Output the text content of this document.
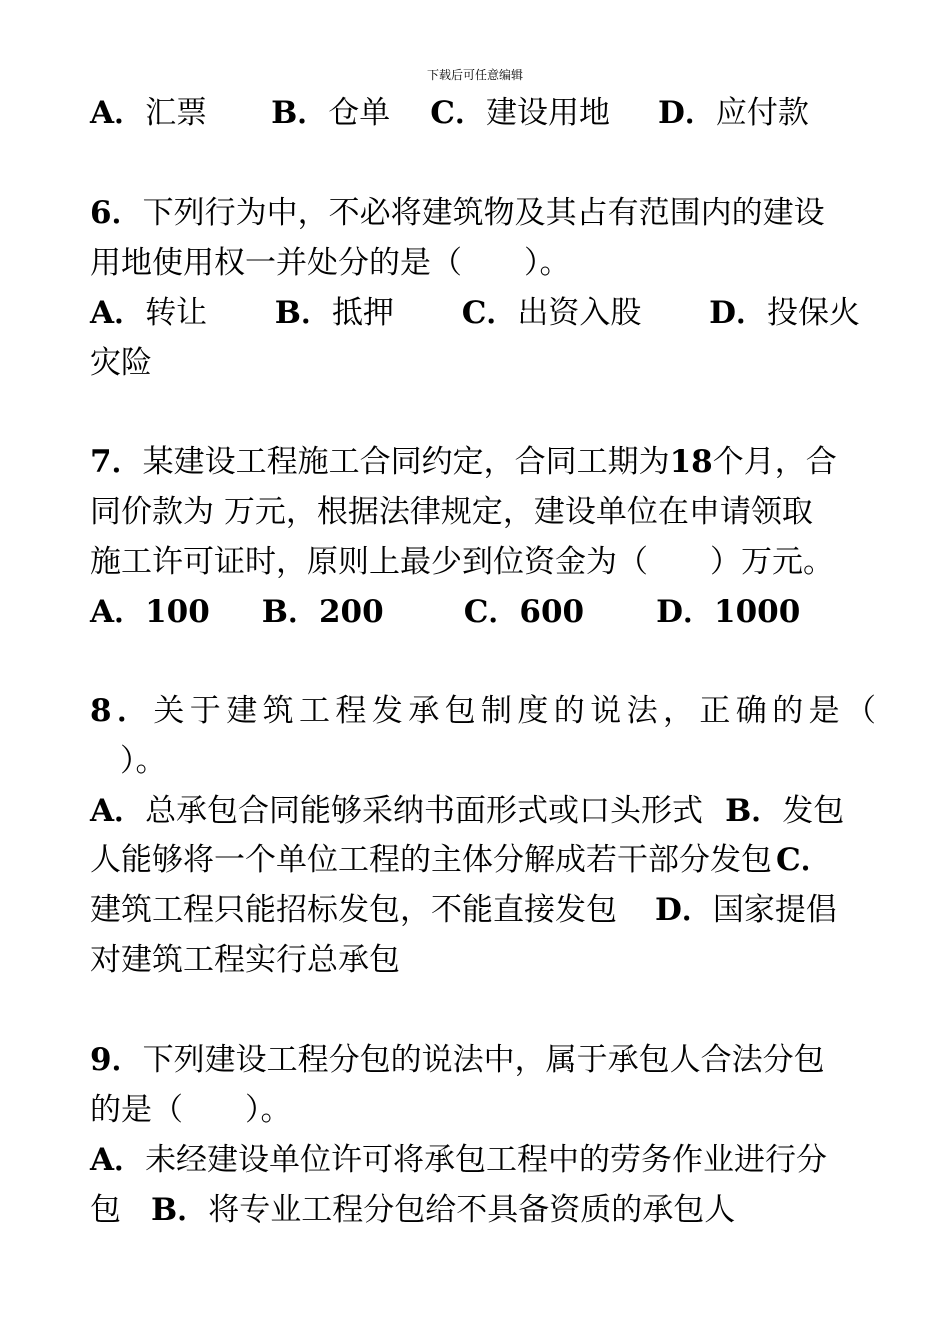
下载后可任意编辑
A．汇票 B．仓单 C．建设用地 D．应付款
6．下列行为中，不必将建筑物及其占有范围内的建设
用地使用权一并处分的是（　　）。
A．转让 B．抵押 C．出资入股 D．投保火
灾险
7．某建设工程施工合同约定，合同工期为18个月，合
同价款为 万元，根据法律规定，建设单位在申请领取
施工许可证时，原则上最少到位资金为（　　）万元。
A．100 B．200	C．600 D．1000
8 ．关于建筑工程发承包制度的说法，正确的是（
）。
A．总承包合同能够采纳书面形式或口头形式 B．发包
人能够将一个单位工程的主体分解成若干部分发包 C．
建筑工程只能招标发包，不能直接发包 D．国家提倡
对建筑工程实行总承包
9．下列建设工程分包的说法中，属于承包人合法分包
的是（　　）。
A．未经建设单位许可将承包工程中的劳务作业进行分
包 B．将专业工程分包给不具备资质的承包人
